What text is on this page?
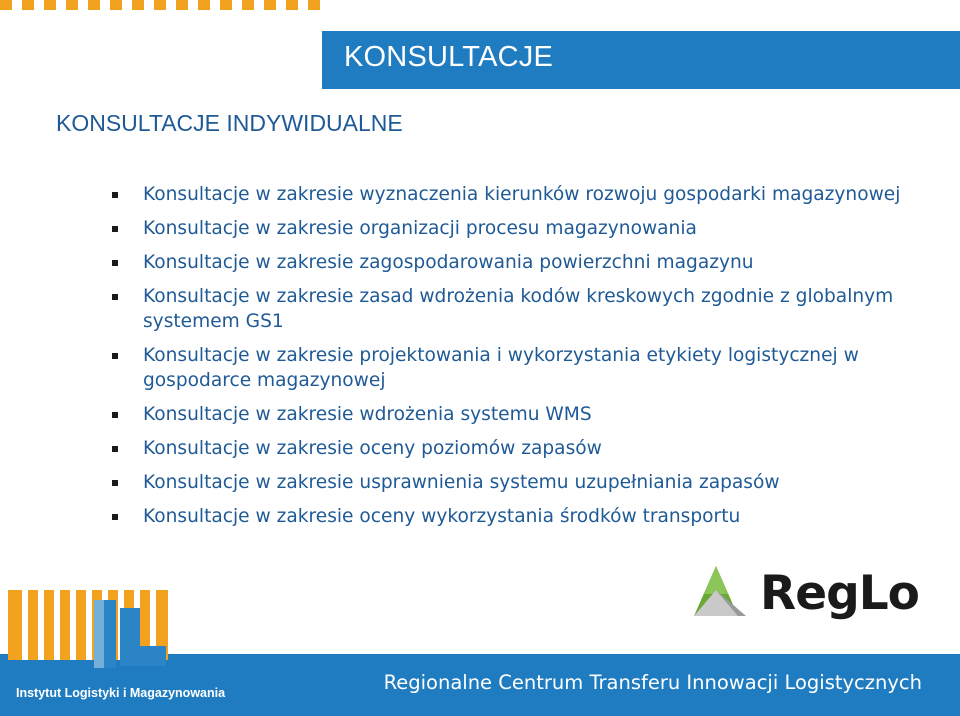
KONSULTACJE
KONSULTACJE INDYWIDUALNE
Konsultacje w zakresie wyznaczenia kierunków rozwoju gospodarki magazynowej
Konsultacje w zakresie organizacji procesu magazynowania
Konsultacje w zakresie zagospodarowania powierzchni magazynu
Konsultacje w zakresie zasad wdrożenia kodów kreskowych zgodnie z globalnym systemem GS1
Konsultacje w zakresie projektowania i wykorzystania etykiety logistycznej w gospodarce magazynowej
Konsultacje w zakresie wdrożenia systemu WMS
Konsultacje w zakresie oceny poziomów zapasów
Konsultacje w zakresie usprawnienia systemu uzupełniania zapasów
Konsultacje w zakresie oceny wykorzystania środków transportu
RegLo
Regionalne Centrum Transferu Innowacji Logistycznych
Instytut Logistyki i Magazynowania
